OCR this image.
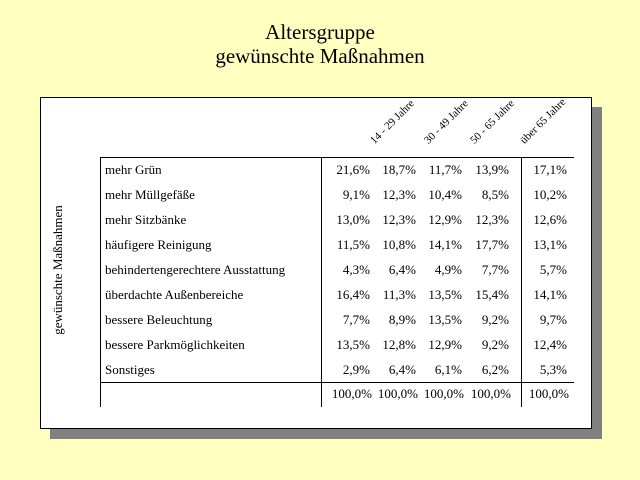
Altersgruppe
gewünschte Maßnahmen
gewünschte Maßnahmen
14 - 29 Jahre 30 - 49 Jahre
50 - 65 Jahre über 65 Jahre
mehr Grün	21,6% 18,7% 11,7%	13,9%	17,1%
mehr Müllgefäße	9,1% 12,3% 10,4%	8,5%	10,2%
mehr Sitzbänke	13,0% 12,3% 12,9%	12,3%	12,6%
häufigere Reinigung	11,5% 10,8% 14,1%	17,7%	13,1%
behindertengerechtere Ausstattung	4,3%	6,4%	4,9%	7,7%	5,7%
überdachte Außenbereiche	16,4% 11,3% 13,5%	15,4%	14,1%
bessere Beleuchtung	7,7%	8,9% 13,5%	9,2%	9,7%
bessere Parkmöglichkeiten	13,5% 12,8% 12,9%	9,2%	12,4%
Sonstiges	2,9%	6,4%	6,1%	6,2%	5,3%
100,0% 100,0% 100,0% 100,0%	100,0%
